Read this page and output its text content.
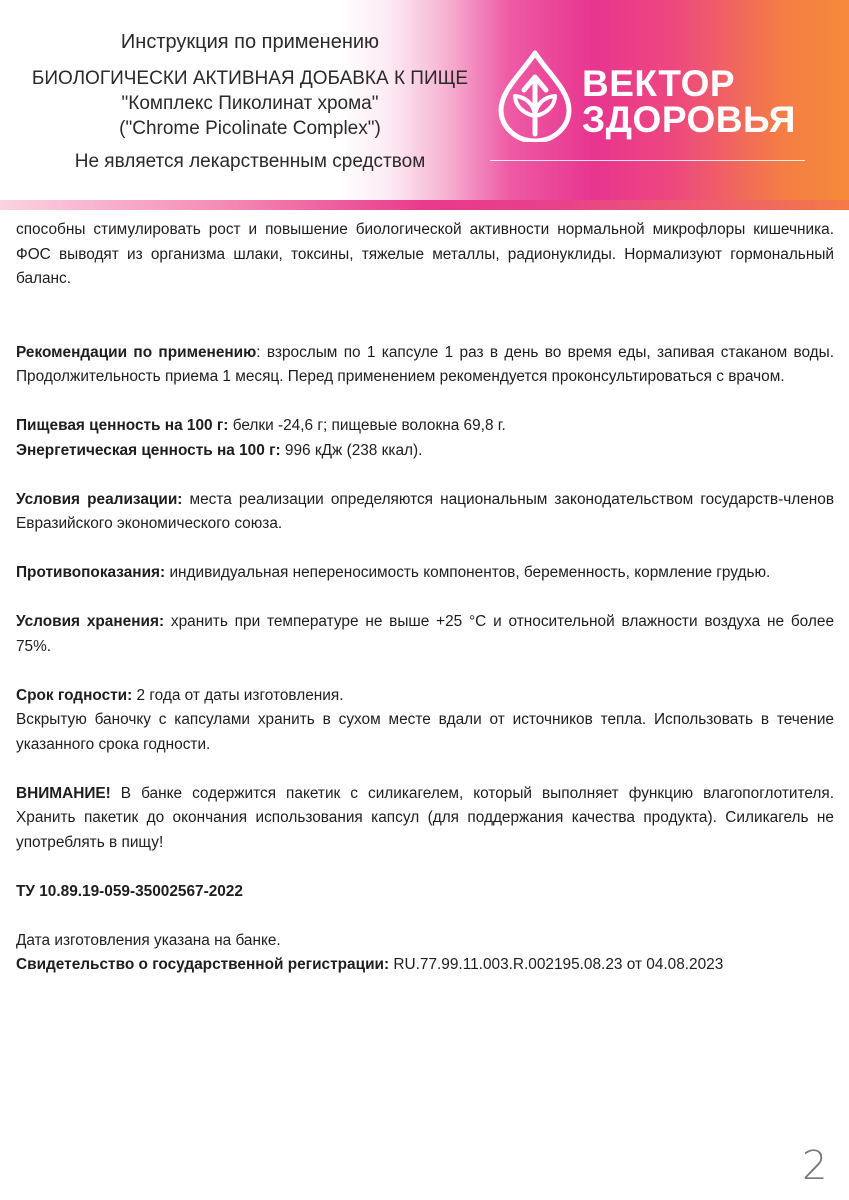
Инструкция по применению
БИОЛОГИЧЕСКИ АКТИВНАЯ ДОБАВКА К ПИЩЕ
"Комплекс Пиколинат хрома"
("Chrome Picolinate Complex")
Не является лекарственным средством
ВЕКТОР
ЗДОРОВЬЯ

способны стимулировать рост и повышение биологической активности нормальной микрофлоры кишечника. ФОС выводят из организма шлаки, токсины, тяжелые металлы, радионуклиды. Нормализуют гормональный баланс.

Рекомендации по применению: взрослым по 1 капсуле 1 раз в день во время еды, запивая стаканом воды. Продолжительность приема 1 месяц. Перед применением рекомендуется проконсультироваться с врачом.

Пищевая ценность на 100 г: белки -24,6 г; пищевые волокна 69,8 г.

Энергетическая ценность на 100 г: 996 кДж (238 ккал).

Условия реализации: места реализации определяются национальным законодательством государств-членов Евразийского экономического союза.

Противопоказания: индивидуальная непереносимость компонентов, беременность, кормление грудью.

Условия хранения: хранить при температуре не выше +25 °С и относительной влажности воздуха не более 75%.

Срок годности: 2 года от даты изготовления.

Вскрытую баночку с капсулами хранить в сухом месте вдали от источников тепла. Использовать в течение указанного срока годности.

ВНИМАНИЕ! В банке содержится пакетик с силикагелем, который выполняет функцию влагопоглотителя. Хранить пакетик до окончания использования капсул (для поддержания качества продукта). Силикагель не употреблять в пищу!

ТУ 10.89.19-059-35002567-2022

Дата изготовления указана на банке.

Свидетельство о государственной регистрации: RU.77.99.11.003.R.002195.08.23 от 04.08.2023

2
